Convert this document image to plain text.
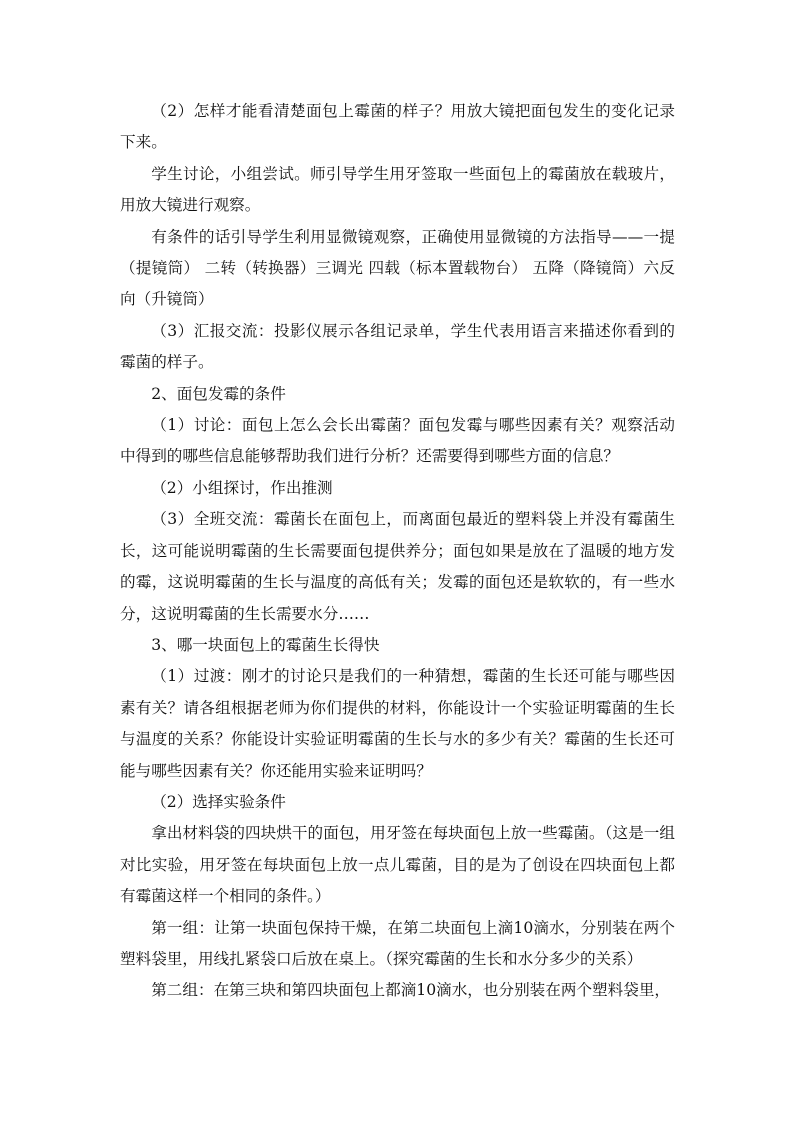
（2）怎样才能看清楚面包上霉菌的样子？用放大镜把面包发生的变化记录下来。

学生讨论，小组尝试。师引导学生用牙签取一些面包上的霉菌放在载玻片，用放大镜进行观察。

有条件的话引导学生利用显微镜观察，正确使用显微镜的方法指导——一提（提镜筒） 二转（转换器）三调光 四载（标本置载物台） 五降（降镜筒）六反向（升镜筒）

（3）汇报交流：投影仪展示各组记录单，学生代表用语言来描述你看到的霉菌的样子。

2、面包发霉的条件

（1）讨论：面包上怎么会长出霉菌？面包发霉与哪些因素有关？观察活动中得到的哪些信息能够帮助我们进行分析？还需要得到哪些方面的信息？

（2）小组探讨，作出推测

（3）全班交流：霉菌长在面包上，而离面包最近的塑料袋上并没有霉菌生长，这可能说明霉菌的生长需要面包提供养分；面包如果是放在了温暖的地方发的霉，这说明霉菌的生长与温度的高低有关；发霉的面包还是软软的，有一些水分，这说明霉菌的生长需要水分……

3、哪一块面包上的霉菌生长得快

（1）过渡：刚才的讨论只是我们的一种猜想，霉菌的生长还可能与哪些因素有关？请各组根据老师为你们提供的材料，你能设计一个实验证明霉菌的生长与温度的关系？你能设计实验证明霉菌的生长与水的多少有关？霉菌的生长还可能与哪些因素有关？你还能用实验来证明吗？

（2）选择实验条件

拿出材料袋的四块烘干的面包，用牙签在每块面包上放一些霉菌。（这是一组对比实验，用牙签在每块面包上放一点儿霉菌，目的是为了创设在四块面包上都有霉菌这样一个相同的条件。）

第一组：让第一块面包保持干燥，在第二块面包上滴10滴水，分别装在两个塑料袋里，用线扎紧袋口后放在桌上。（探究霉菌的生长和水分多少的关系）

第二组：在第三块和第四块面包上都滴10滴水，也分别装在两个塑料袋里，
